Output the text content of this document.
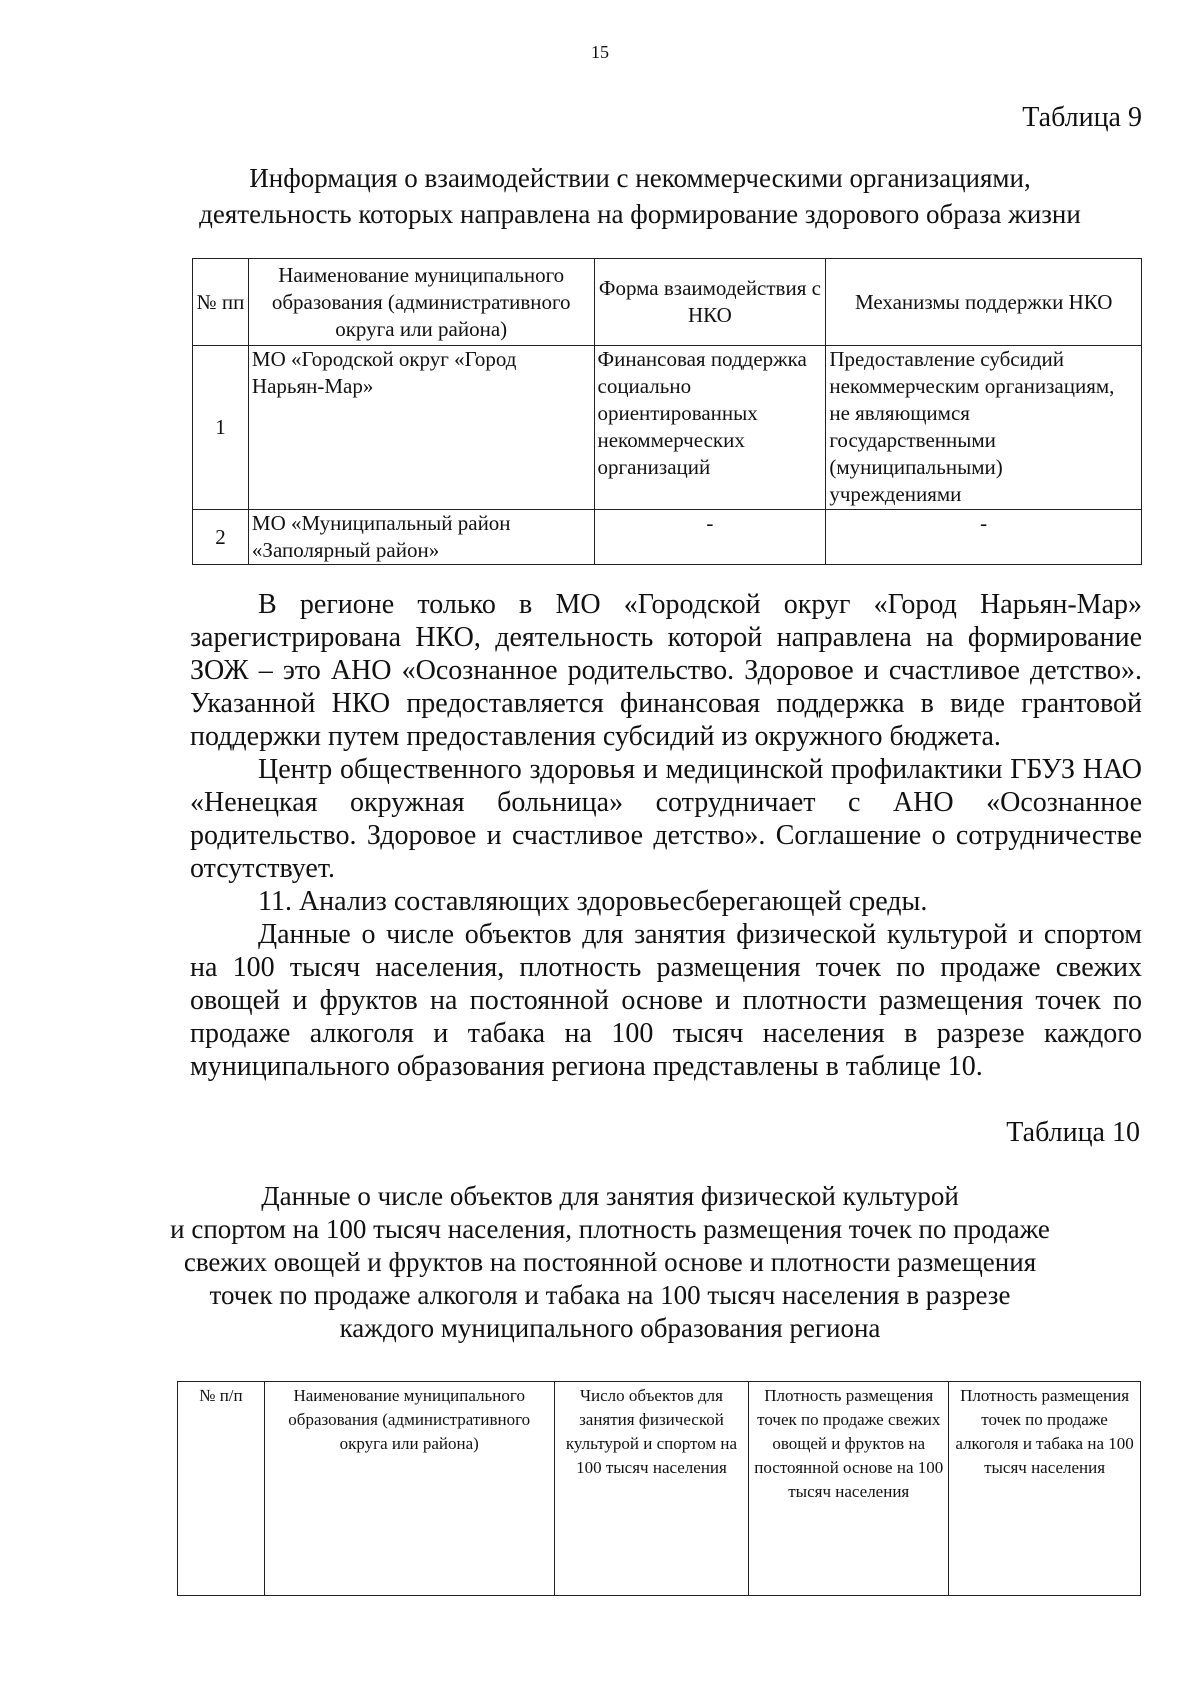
15
Таблица 9
Информация о взаимодействии с некоммерческими организациями,
деятельность которых направлена на формирование здорового образа жизни
№ пп	Наименование муниципального образования (административного округа или района)	Форма взаимодействия с НКО	Механизмы поддержки НКО
1	МО «Городской округ «Город Нарьян-Мар»	Финансовая поддержка социально ориентированных некоммерческих организаций	Предоставление субсидий некоммерческим организациям, не являющимся государственными (муниципальными) учреждениями
2	МО «Муниципальный район «Заполярный район»	-	-

В регионе только в МО «Городской округ «Город Нарьян-Мар» зарегистрирована НКО, деятельность которой направлена на формирование ЗОЖ – это АНО «Осознанное родительство. Здоровое и счастливое детство». Указанной НКО предоставляется финансовая поддержка в виде грантовой поддержки путем предоставления субсидий из окружного бюджета.

Центр общественного здоровья и медицинской профилактики ГБУЗ НАО «Ненецкая окружная больница» сотрудничает с АНО «Осознанное родительство. Здоровое и счастливое детство». Соглашение о сотрудничестве отсутствует.

11. Анализ составляющих здоровьесберегающей среды.

Данные о числе объектов для занятия физической культурой и спортом на 100 тысяч населения, плотность размещения точек по продаже свежих овощей и фруктов на постоянной основе и плотности размещения точек по продаже алкоголя и табака на 100 тысяч населения в разрезе каждого муниципального образования региона представлены в таблице 10.

Таблица 10
Данные о числе объектов для занятия физической культурой
и спортом на 100 тысяч населения, плотность размещения точек по продаже
свежих овощей и фруктов на постоянной основе и плотности размещения
точек по продаже алкоголя и табака на 100 тысяч населения в разрезе
каждого муниципального образования региона
№ п/п	Наименование муниципального образования (административного округа или района)	Число объектов для занятия физической культурой и спортом на 100 тысяч населения	Плотность размещения точек по продаже свежих овощей и фруктов на постоянной основе на 100 тысяч населения	Плотность размещения точек по продаже алкоголя и табака на 100 тысяч населения
